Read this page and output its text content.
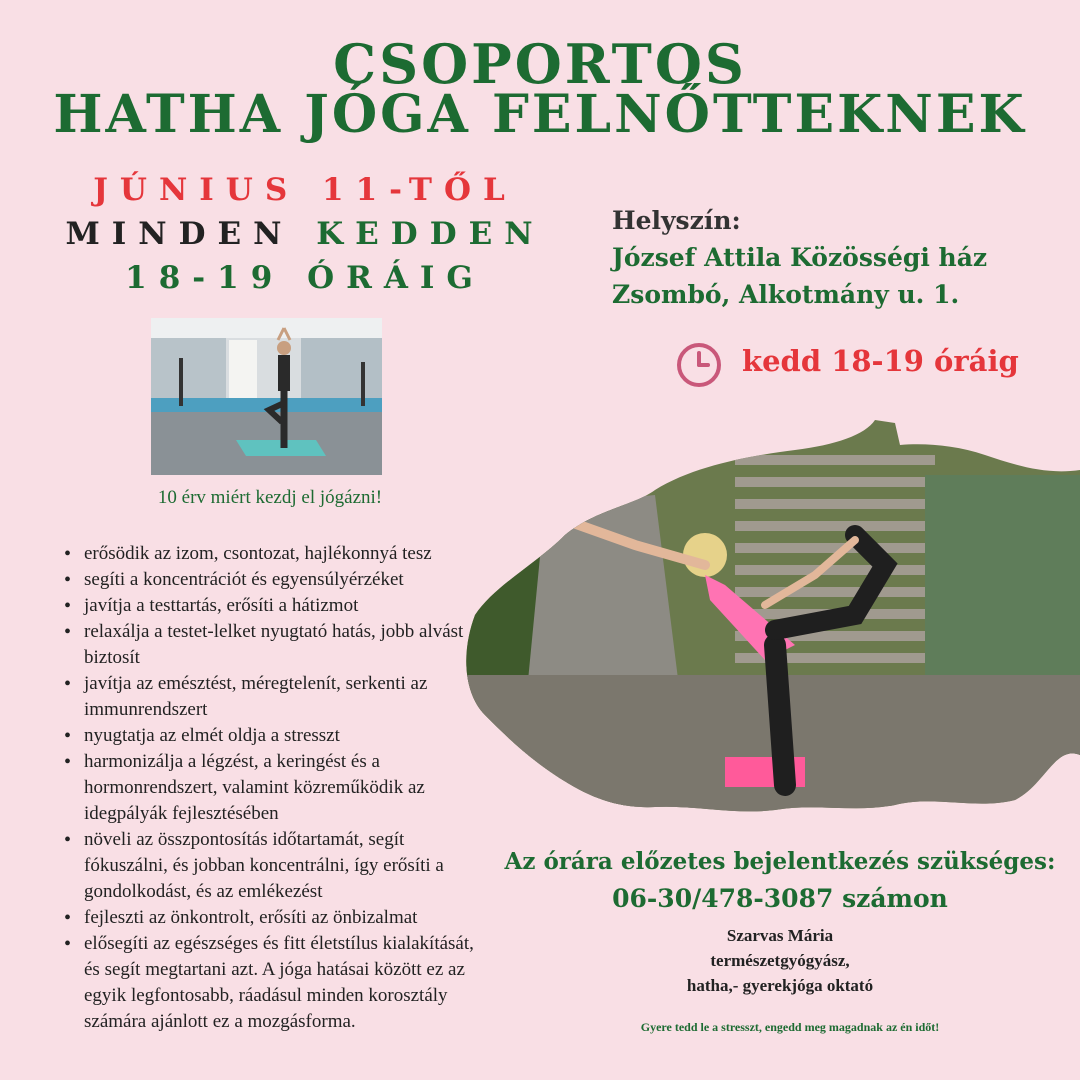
CSOPORTOS
HATHA JÓGA FELNŐTTEKNEK
JÚNIUS 11-TŐL
MINDEN KEDDEN
18-19 ÓRÁIG
Helyszín:
József Attila Közösségi ház
Zsombó, Alkotmány u. 1.
kedd 18-19 óráig
10 érv miért kezdj el jógázni!
• erősödik az izom, csontozat, hajlékonnyá tesz
• segíti a koncentrációt és egyensúlyérzéket
• javítja a testtartás, erősíti a hátizmot
• relaxálja a testet-lelket nyugtató hatás, jobb alvást biztosít
• javítja az emésztést, méregtelenít, serkenti az immunrendszert
• nyugtatja az elmét oldja a stresszt
• harmonizálja a légzést, a keringést és a hormonrendszert, valamint közreműködik az idegpályák fejlesztésében
• növeli az összpontosítás időtartamát, segít fókuszálni, és jobban koncentrálni, így erősíti a gondolkodást, és az emlékezést
• fejleszti az önkontrolt, erősíti az önbizalmat
• elősegíti az egészséges és fitt életstílus kialakítását, és segít megtartani azt. A jóga hatásai között ez az egyik legfontosabb, ráadásul minden korosztály számára ajánlott ez a mozgásforma.
Az órára előzetes bejelentkezés szükséges:
06-30/478-3087 számon
Szarvas Mária
természetgyógyász,
hatha,- gyerekjóga oktató
Gyere tedd le a stresszt, engedd meg magadnak az én időt!
